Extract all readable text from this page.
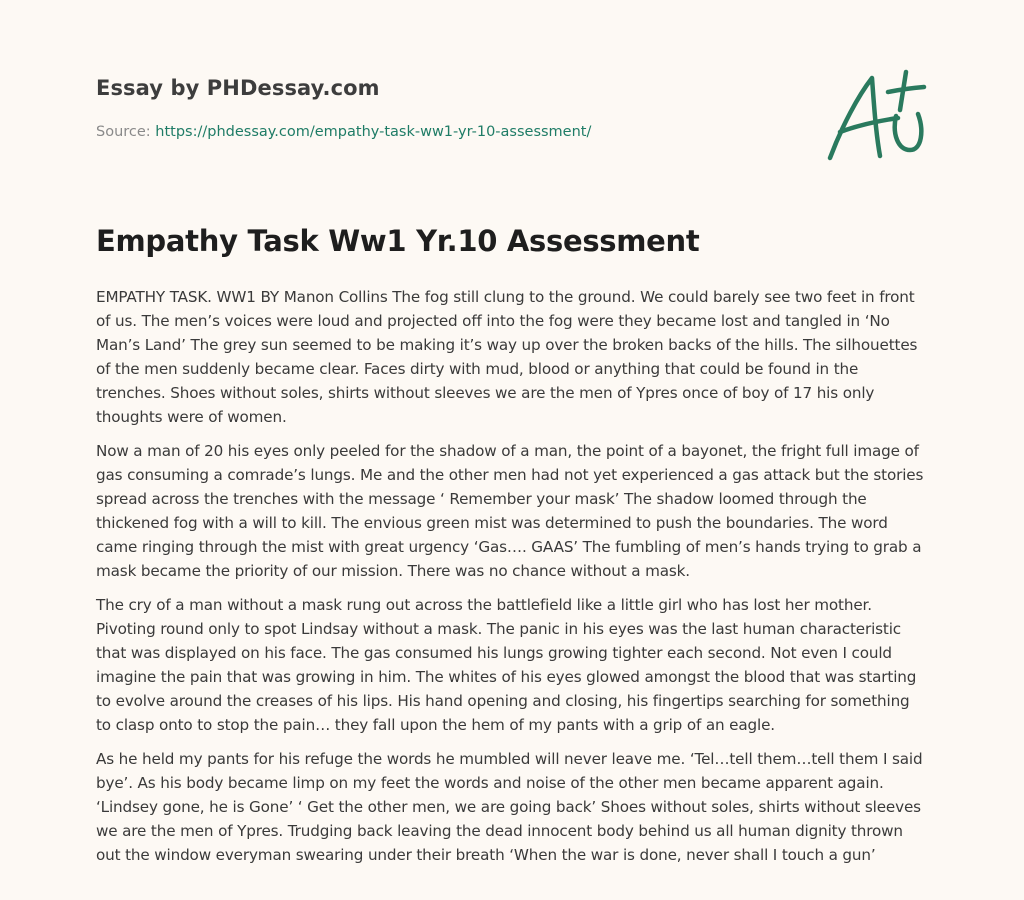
Essay by PHDessay.com
Source: https://phdessay.com/empathy-task-ww1-yr-10-assessment/
Empathy Task Ww1 Yr.10 Assessment

EMPATHY TASK. WW1 BY Manon Collins The fog still clung to the ground. We could barely see two feet in front of us. The men’s voices were loud and projected off into the fog were they became lost and tangled in ‘No Man’s Land’ The grey sun seemed to be making it’s way up over the broken backs of the hills. The silhouettes of the men suddenly became clear. Faces dirty with mud, blood or anything that could be found in the trenches. Shoes without soles, shirts without sleeves we are the men of Ypres once of boy of 17 his only thoughts were of women.

Now a man of 20 his eyes only peeled for the shadow of a man, the point of a bayonet, the fright full image of gas consuming a comrade’s lungs. Me and the other men had not yet experienced a gas attack but the stories spread across the trenches with the message ‘ Remember your mask’ The shadow loomed through the thickened fog with a will to kill. The envious green mist was determined to push the boundaries. The word came ringing through the mist with great urgency ‘Gas…. GAAS’ The fumbling of men’s hands trying to grab a mask became the priority of our mission. There was no chance without a mask.

The cry of a man without a mask rung out across the battlefield like a little girl who has lost her mother. Pivoting round only to spot Lindsay without a mask. The panic in his eyes was the last human characteristic that was displayed on his face. The gas consumed his lungs growing tighter each second. Not even I could imagine the pain that was growing in him. The whites of his eyes glowed amongst the blood that was starting to evolve around the creases of his lips. His hand opening and closing, his fingertips searching for something to clasp onto to stop the pain… they fall upon the hem of my pants with a grip of an eagle.

As he held my pants for his refuge the words he mumbled will never leave me. ‘Tel…tell them…tell them I said bye’. As his body became limp on my feet the words and noise of the other men became apparent again. ‘Lindsey gone, he is Gone’ ‘ Get the other men, we are going back’ Shoes without soles, shirts without sleeves we are the men of Ypres. Trudging back leaving the dead innocent body behind us all human dignity thrown out the window everyman swearing under their breath ‘When the war is done, never shall I touch a gun’
